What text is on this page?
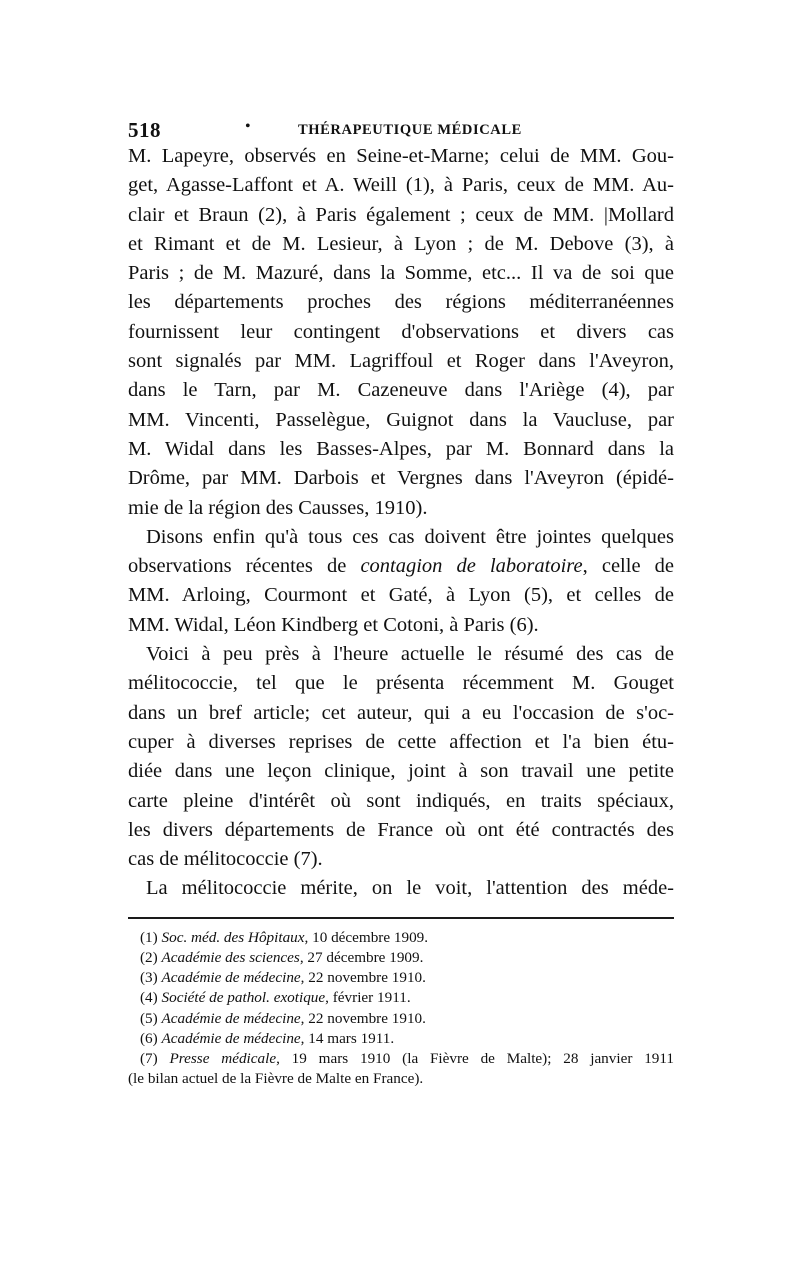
518	•	THÉRAPEUTIQUE MÉDICALE
M. Lapeyre, observés en Seine-et-Marne; celui de MM. Gou-
get, Agasse-Laffont et A. Weill (1), à Paris, ceux de MM. Au-
clair et Braun (2), à Paris également ; ceux de MM. |Mollard
et Rimant et de M. Lesieur, à Lyon ; de M. Debove (3), à
Paris ; de M. Mazuré, dans la Somme, etc... Il va de soi que
les départements proches des régions méditerranéennes
fournissent leur contingent d'observations et divers cas
sont signalés par MM. Lagriffoul et Roger dans l'Aveyron,
dans le Tarn, par M. Cazeneuve dans l'Ariège (4), par
MM. Vincenti, Passelègue, Guignot dans la Vaucluse, par
M. Widal dans les Basses-Alpes, par M. Bonnard dans la
Drôme, par MM. Darbois et Vergnes dans l'Aveyron (épidé-
mie de la région des Causses, 1910).
Disons enfin qu'à tous ces cas doivent être jointes quelques
observations récentes de contagion de laboratoire, celle de
MM. Arloing, Courmont et Gaté, à Lyon (5), et celles de
MM. Widal, Léon Kindberg et Cotoni, à Paris (6).
Voici à peu près à l'heure actuelle le résumé des cas de
mélitococcie, tel que le présenta récemment M. Gouget
dans un bref article; cet auteur, qui a eu l'occasion de s'oc-
cuper à diverses reprises de cette affection et l'a bien étu-
diée dans une leçon clinique, joint à son travail une petite
carte pleine d'intérêt où sont indiqués, en traits spéciaux,
les divers départements de France où ont été contractés des
cas de mélitococcie (7).
La mélitococcie mérite, on le voit, l'attention des méde-
(1) Soc. méd. des Hôpitaux, 10 décembre 1909.
(2) Académie des sciences, 27 décembre 1909.
(3) Académie de médecine, 22 novembre 1910.
(4) Société de pathol. exotique, février 1911.
(5) Académie de médecine, 22 novembre 1910.
(6) Académie de médecine, 14 mars 1911.
(7) Presse médicale, 19 mars 1910 (la Fièvre de Malte); 28 janvier 1911
(le bilan actuel de la Fièvre de Malte en France).
